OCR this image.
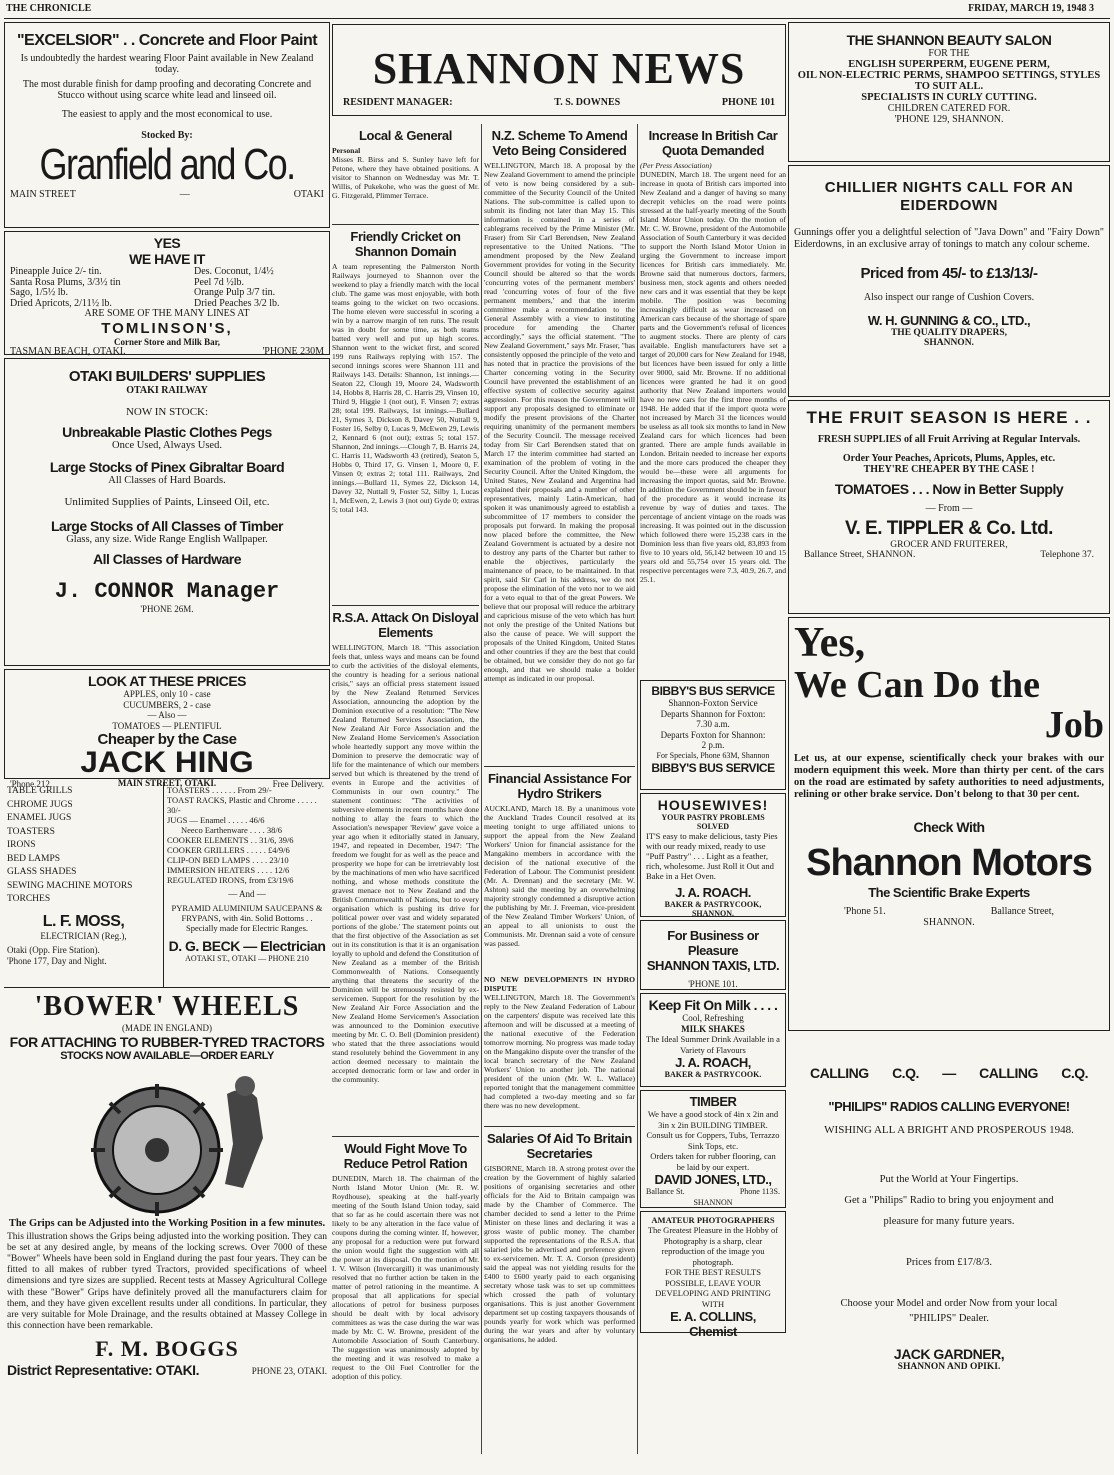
THE CHRONICLE	FRIDAY, MARCH 19, 1948 3
"EXCELSIOR" . . Concrete and Floor Paint
Is undoubtedly the hardest wearing Floor Paint available in New Zealand today.
The most durable finish for damp proofing and decorating Concrete and Stucco without using scarce white lead and linseed oil.
The easiest to apply and the most economical to use.
Stocked By:
Granfield and Co.
MAIN STREET	—	OTAKI
YES
WE HAVE IT
Pineapple Juice 2/- tin.	Des. Coconut, 1/4½
Santa Rosa Plums, 3/3½ tin	Peel 7d ½lb.
Sago, 1/5½ lb.	Orange Pulp 3/7 tin.
Dried Apricots, 2/11½ lb.	Dried Peaches 3/2 lb.
ARE SOME OF THE MANY LINES AT
TOMLINSON'S,
Corner Store and Milk Bar,
TASMAN BEACH, OTAKI.	'PHONE 230M
OTAKI BUILDERS' SUPPLIES
OTAKI RAILWAY
NOW IN STOCK:
Unbreakable Plastic Clothes Pegs
Once Used, Always Used.
Large Stocks of Pinex Gibraltar Board
All Classes of Hard Boards.
Unlimited Supplies of Paints, Linseed Oil, etc.
Large Stocks of All Classes of Timber
Glass, any size. Wide Range English Wallpaper.
All Classes of Hardware
J. CONNOR Manager
'PHONE 26M.
LOOK AT THESE PRICES
APPLES, only 10 - case
CUCUMBERS, 2 - case
— Also —
TOMATOES — PLENTIFUL
Cheaper by the Case
JACK HING
MAIN STREET, OTAKI.
'Phone 212.	Free Delivery.
TABLE GRILLS
CHROME JUGS
ENAMEL JUGS
TOASTERS
IRONS
BED LAMPS
GLASS SHADES
SEWING MACHINE MOTORS
TORCHES
L. F. MOSS,
ELECTRICIAN (Reg.),
Otaki (Opp. Fire Station).
'Phone 177, Day and Night.
TOASTERS . . . . . . From 29/-
TOAST RACKS, Plastic and Chrome . . . . . 30/-
JUGS — Enamel . . . . . 46/6
Neeco Earthenware . . . . 38/6
COOKER ELEMENTS . . 31/6, 39/6
COOKER GRILLERS . . . . . £4/9/6
CLIP-ON BED LAMPS . . . . 23/10
IMMERSION HEATERS . . . . 12/6
REGULATED IRONS, from £3/19/6
— And —
PYRAMID ALUMINIUM SAUCEPANS & FRYPANS, with 4in. Solid Bottoms . . Specially made for Electric Ranges.
D. G. BECK — Electrician
AOTAKI ST., OTAKI — PHONE 210
'BOWER' WHEELS
(MADE IN ENGLAND)
FOR ATTACHING TO RUBBER-TYRED TRACTORS
STOCKS NOW AVAILABLE—ORDER EARLY
The Grips can be Adjusted into the Working Position in a few minutes.
This illustration shows the Grips being adjusted into the working position. They can be set at any desired angle, by means of the locking screws. Over 7000 of these "Bower" Wheels have been sold in England during the past four years. They can be fitted to all makes of rubber tyred Tractors, provided specifications of wheel dimensions and tyre sizes are supplied. Recent tests at Massey Agricultural College with these "Bower" Grips have definitely proved all the manufacturers claim for them, and they have given excellent results under all conditions. In particular, they are very suitable for Mole Drainage, and the results obtained at Massey College in this connection have been remarkable.
F. M. BOGGS
District Representative: OTAKI.	PHONE 23, OTAKI.
SHANNON NEWS
RESIDENT MANAGER:	T. S. DOWNES	PHONE 101
Local & General
Personal
Misses R. Birss and S. Sunley have left for Petone, where they have obtained positions. A visitor to Shannon on Wednesday was Mr. T. Willis, of Pukekohe, who was the guest of Mr. G. Fitzgerald, Plimmer Terrace.
Friendly Cricket on Shannon Domain
A team representing the Palmerston North Railways journeyed to Shannon over the weekend to play a friendly match with the local club. The game was most enjoyable, with both teams going to the wicket on two occasions. The home eleven were successful in scoring a win by a narrow margin of ten runs. The result was in doubt for some time, as both teams batted very well and put up high scores. Shannon went to the wicket first, and scored 199 runs Railways replying with 157. The second innings scores were Shannon 111 and Railways 143. Details: Shannon, 1st innings.—Seaton 22, Clough 19, Moore 24, Wadsworth 14, Hobbs 8, Harris 28, C. Harris 29, Vinsen 10, Third 9, Higgie 1 (not out), F. Vinsen 7; extras 28; total 199. Railways, 1st innings.—Bullard 21, Symes 3, Dickson 8, Davey 50, Nuttall 9, Foster 16, Selby 0, Lucas 9, McEwen 29, Lewis 2, Kennard 6 (not out); extras 5; total 157. Shannon, 2nd innings.—Clough 7, B. Harris 24, C. Harris 11, Wadsworth 43 (retired), Seaton 5, Hobbs 0, Third 17, G. Vinsen 1, Moore 0, F. Vinsen 0; extras 2; total 111. Railways, 2nd innings.—Bullard 11, Symes 22, Dickson 14, Davey 32, Nuttall 9, Foster 52, Silby 1, Lucas 1, McEwen, 2, Lewis 3 (not out) Gyde 0; extras 5; total 143.
R.S.A. Attack On Disloyal Elements
WELLINGTON, March 18. "This association feels that, unless ways and means can be found to curb the activities of the disloyal elements, the country is heading for a serious national crisis," says an official press statement issued by the New Zealand Returned Services Association, announcing the adoption by the Dominion executive of a resolution: "The New Zealand Returned Services Association, the New Zealand Air Force Association and the New Zealand Home Servicemen's Association whole heartedly support any move within the Dominion to preserve the democratic way of life for the maintenance of which our members served but which is threatened by the trend of events in Europe and the activities of Communists in our own country." The statement continues: "The activities of subversive elements in recent months have done nothing to allay the fears to which the Association's newspaper 'Review' gave voice a year ago when it editorially stated in January, 1947, and repeated in December, 1947: 'The freedom we fought for as well as the peace and prosperity we hope for can be irretrievably lost by the machinations of men who have sacrificed nothing, and whose methods constitute the gravest menace not to New Zealand and the British Commonwealth of Nations, but to every organisation which is pushing its drive for political power over vast and widely separated portions of the globe.' The statement points out that the first objective of the Association as set out in its constitution is that it is an organisation loyally to uphold and defend the Constitution of New Zealand as a member of the British Commonwealth of Nations. Consequently anything that threatens the security of the Dominion will be strenuously resisted by ex-servicemen. Support for the resolution by the New Zealand Air Force Association and the New Zealand Home Servicemen's Association was announced to the Dominion executive meeting by Mr. C. O. Bell (Dominion president) who stated that the three associations would stand resolutely behind the Government in any action deemed necessary to maintain the accepted democratic form or law and order in the community.
Would Fight Move To Reduce Petrol Ration
DUNEDIN, March 18. The chairman of the North Island Motor Union (Mr. R. W. Roydhouse), speaking at the half-yearly meeting of the South Island Union today, said that so far as he could ascertain there was not likely to be any alteration in the face value of coupons during the coming winter. If, however, any proposal for a reduction were put forward the union would fight the suggestion with all the power at its disposal. On the motion of Mr. I. V. Wilson (Invercargill) it was unanimously resolved that no further action be taken in the matter of petrol rationing in the meantime. A proposal that all applications for special allocations of petrol for business purposes should be dealt with by local advisory committees as was the case during the war was made by Mr. C. W. Browne, president of the Automobile Association of South Canterbury. The suggestion was unanimously adopted by the meeting and it was resolved to make a request to the Oil Fuel Controller for the adoption of this policy.
N.Z. Scheme To Amend Veto Being Considered
WELLINGTON, March 18. A proposal by the New Zealand Government to amend the principle of veto is now being considered by a sub-committee of the Security Council of the United Nations. The sub-committee is called upon to submit its finding not later than May 15. This information is contained in a series of cablegrams received by the Prime Minister (Mr. Fraser) from Sir Carl Berendsen, New Zealand representative to the United Nations. "The amendment proposed by the New Zealand Government provides for voting in the Security Council should be altered so that the words 'concurring votes of the permanent members' read 'concurring votes of four of the five permanent members,' and that the interim committee make a recommendation to the General Assembly with a view to instituting procedure for amending the Charter accordingly," says the official statement. "The New Zealand Government," says Mr. Fraser, "has consistently opposed the principle of the veto and has noted that in practice the provisions of the Charter concerning voting in the Security Council have prevented the establishment of an effective system of collective security against aggression. For this reason the Government will support any proposals designed to eliminate or modify the present provisions of the Charter requiring unanimity of the permanent members of the Security Council. The message received today from Sir Carl Berendsen stated that on March 17 the interim committee had started an examination of the problem of voting in the Security Council. After the United Kingdom, the United States, New Zealand and Argentina had explained their proposals and a number of other representatives, mainly Latin-American, had spoken it was unanimously agreed to establish a subcommittee of 17 members to consider the proposals put forward. In making the proposal now placed before the committee, the New Zealand Government is actuated by a desire not to destroy any parts of the Charter but rather to enable the objectives, particularly the maintenance of peace, to be maintained. In that spirit, said Sir Carl in his address, we do not propose the elimination of the veto nor to we aid for a veto equal to that of the great Powers. We believe that our proposal will reduce the arbitrary and capricious misuse of the veto which has hurt not only the prestige of the United Nations but also the cause of peace. We will support the proposals of the United Kingdom, United States and other countries if they are the best that could be obtained, but we consider they do not go far enough, and that we should make a bolder attempt as indicated in our proposal.
Financial Assistance For Hydro Strikers
AUCKLAND, March 18. By a unanimous vote the Auckland Trades Council resolved at its meeting tonight to urge affiliated unions to support the appeal from the New Zealand Workers' Union for financial assistance for the Mangakino members in accordance with the decision of the national executive of the Federation of Labour. The Communist president (Mr. A. Drennan) and the secretary (Mr. W. Ashton) said the meeting by an overwhelming majority strongly condemned a disruptive action the publishing by Mr. J. Freeman, vice-president of the New Zealand Timber Workers' Union, of an appeal to all unionists to oust the Communists. Mr. Drennan said a vote of censure was passed.
NO NEW DEVELOPMENTS IN HYDRO DISPUTE
WELLINGTON, March 18. The Government's reply to the New Zealand Federation of Labour on the carpenters' dispute was received late this afternoon and will be discussed at a meeting of the national executive of the Federation tomorrow morning. No progress was made today on the Mangakino dispute over the transfer of the local branch secretary of the New Zealand Workers' Union to another job. The national president of the union (Mr. W. L. Wallace) reported tonight that the management committee had completed a two-day meeting and so far there was no new development.
Salaries Of Aid To Britain Secretaries
GISBORNE, March 18. A strong protest over the creation by the Government of highly salaried positions of organising secretaries and other officials for the Aid to Britain campaign was made by the Chamber of Commerce. The chamber decided to send a letter to the Prime Minister on these lines and declaring it was a gross waste of public money. The chamber supported the representations of the R.S.A. that salaried jobs be advertised and preference given to ex-servicemen. Mr. T. A. Corson (president) said the appeal was not yielding results for the £400 to £600 yearly paid to each organising secretary whose task was to set up committees which crossed the path of voluntary organisations. This is just another Government department set up costing taxpayers thousands of pounds yearly for work which was performed during the war years and after by voluntary organisations, he added.
Increase In British Car Quota Demanded
(Per Press Association)
DUNEDIN, March 18. The urgent need for an increase in quota of British cars imported into New Zealand and a danger of having so many decrepit vehicles on the road were points stressed at the half-yearly meeting of the South Island Motor Union today. On the motion of Mr. C. W. Browne, president of the Automobile Association of South Canterbury it was decided to support the North Island Motor Union in urging the Government to increase import licences for British cars immediately. Mr. Browne said that numerous doctors, farmers, business men, stock agents and others needed new cars and it was essential that they be kept mobile. The position was becoming increasingly difficult as wear increased on American cars because of the shortage of spare parts and the Government's refusal of licences to augment stocks. There are plenty of cars available. English manufacturers have set a target of 20,000 cars for New Zealand for 1948, but licences have been issued for only a little over 9000, said Mr. Browne. If no additional licences were granted he had it on good authority that New Zealand importers would have no new cars for the first three months of 1948. He added that if the import quota were not increased by March 31 the licences would be useless as all took six months to land in New Zealand cars for which licences had been granted. There are ample funds available in London. Britain needed to increase her exports and the more cars produced the cheaper they would be—these were all arguments for increasing the import quotas, said Mr. Browne. In addition the Government should be in favour of the procedure as it would increase its revenue by way of duties and taxes. The percentage of ancient vintage on the roads was increasing. It was pointed out in the discussion which followed there were 15,238 cars in the Dominion less than five years old, 83,893 from five to 10 years old, 56,142 between 10 and 15 years old and 55,754 over 15 years old. The respective percentages were 7.3, 40.9, 26.7, and 25.1.
BIBBY'S BUS SERVICE
Shannon-Foxton Service
Departs Shannon for Foxton:
7.30 a.m.
Departs Foxton for Shannon:
2 p.m.
For Specials, Phone 63M, Shannon
BIBBY'S BUS SERVICE
HOUSEWIVES!
YOUR PASTRY PROBLEMS SOLVED
IT'S easy to make delicious, tasty Pies with our ready mixed, ready to use "Puff Pastry" . . . Light as a feather, rich, wholesome. Just Roll it Out and Bake in a Het Oven.
J. A. ROACH.
BAKER & PASTRYCOOK, SHANNON.
For Business or Pleasure
SHANNON TAXIS, LTD.
'PHONE 101.
Keep Fit On Milk . . . .
Cool, Refreshing
MILK SHAKES
The Ideal Summer Drink Available in a Variety of Flavours
J. A. ROACH,
BAKER & PASTRYCOOK.
TIMBER
We have a good stock of 4in x 2in and 3in x 2in BUILDING TIMBER.
Consult us for Coppers, Tubs, Terrazzo Sink Tops, etc.
Orders taken for rubber flooring, can be laid by our expert.
DAVID JONES, LTD.,
Ballance St.	Phone 113S.
SHANNON
AMATEUR PHOTOGRAPHERS
The Greatest Pleasure in the Hobby of Photography is a sharp, clear reproduction of the image you photograph.
FOR THE BEST RESULTS POSSIBLE, LEAVE YOUR
DEVELOPING AND PRINTING
WITH
E. A. COLLINS, Chemist
THE SHANNON BEAUTY SALON
FOR THE
ENGLISH SUPERPERM, EUGENE PERM,
OIL NON-ELECTRIC PERMS, SHAMPOO SETTINGS, STYLES TO SUIT ALL.
SPECIALISTS IN CURLY CUTTING.
CHILDREN CATERED FOR.
'PHONE 129, SHANNON.
CHILLIER NIGHTS CALL FOR AN EIDERDOWN
Gunnings offer you a delightful selection of "Java Down" and "Fairy Down" Eiderdowns, in an exclusive array of tonings to match any colour scheme.
Priced from 45/- to £13/13/-
Also inspect our range of Cushion Covers.
W. H. GUNNING & CO., LTD.,
THE QUALITY DRAPERS,
SHANNON.
THE FRUIT SEASON IS HERE . .
FRESH SUPPLIES of all Fruit Arriving at Regular Intervals.
Order Your Peaches, Apricots, Plums, Apples, etc.
THEY'RE CHEAPER BY THE CASE !
TOMATOES . . . Now in Better Supply
— From —
V. E. TIPPLER & Co. Ltd.
GROCER AND FRUITERER,
Ballance Street, SHANNON.	Telephone 37.
Yes,
We Can Do the
Job
Let us, at our expense, scientifically check your brakes with our modern equipment this week. More than thirty per cent. of the cars on the road are estimated by safety authorities to need adjustments, relining or other brake service. Don't belong to that 30 per cent.
Check With
Shannon Motors
The Scientific Brake Experts
'Phone 51.	Ballance Street,
SHANNON.
CALLING C.Q. — CALLING C.Q.
"PHILIPS" RADIOS CALLING EVERYONE!
WISHING ALL A BRIGHT AND PROSPEROUS 1948.
Put the World at Your Fingertips.
Get a "Philips" Radio to bring you enjoyment and
pleasure for many future years.
Prices from £17/8/3.
Choose your Model and order Now from your local
"PHILIPS" Dealer.
JACK GARDNER,
SHANNON AND OPIKI.
